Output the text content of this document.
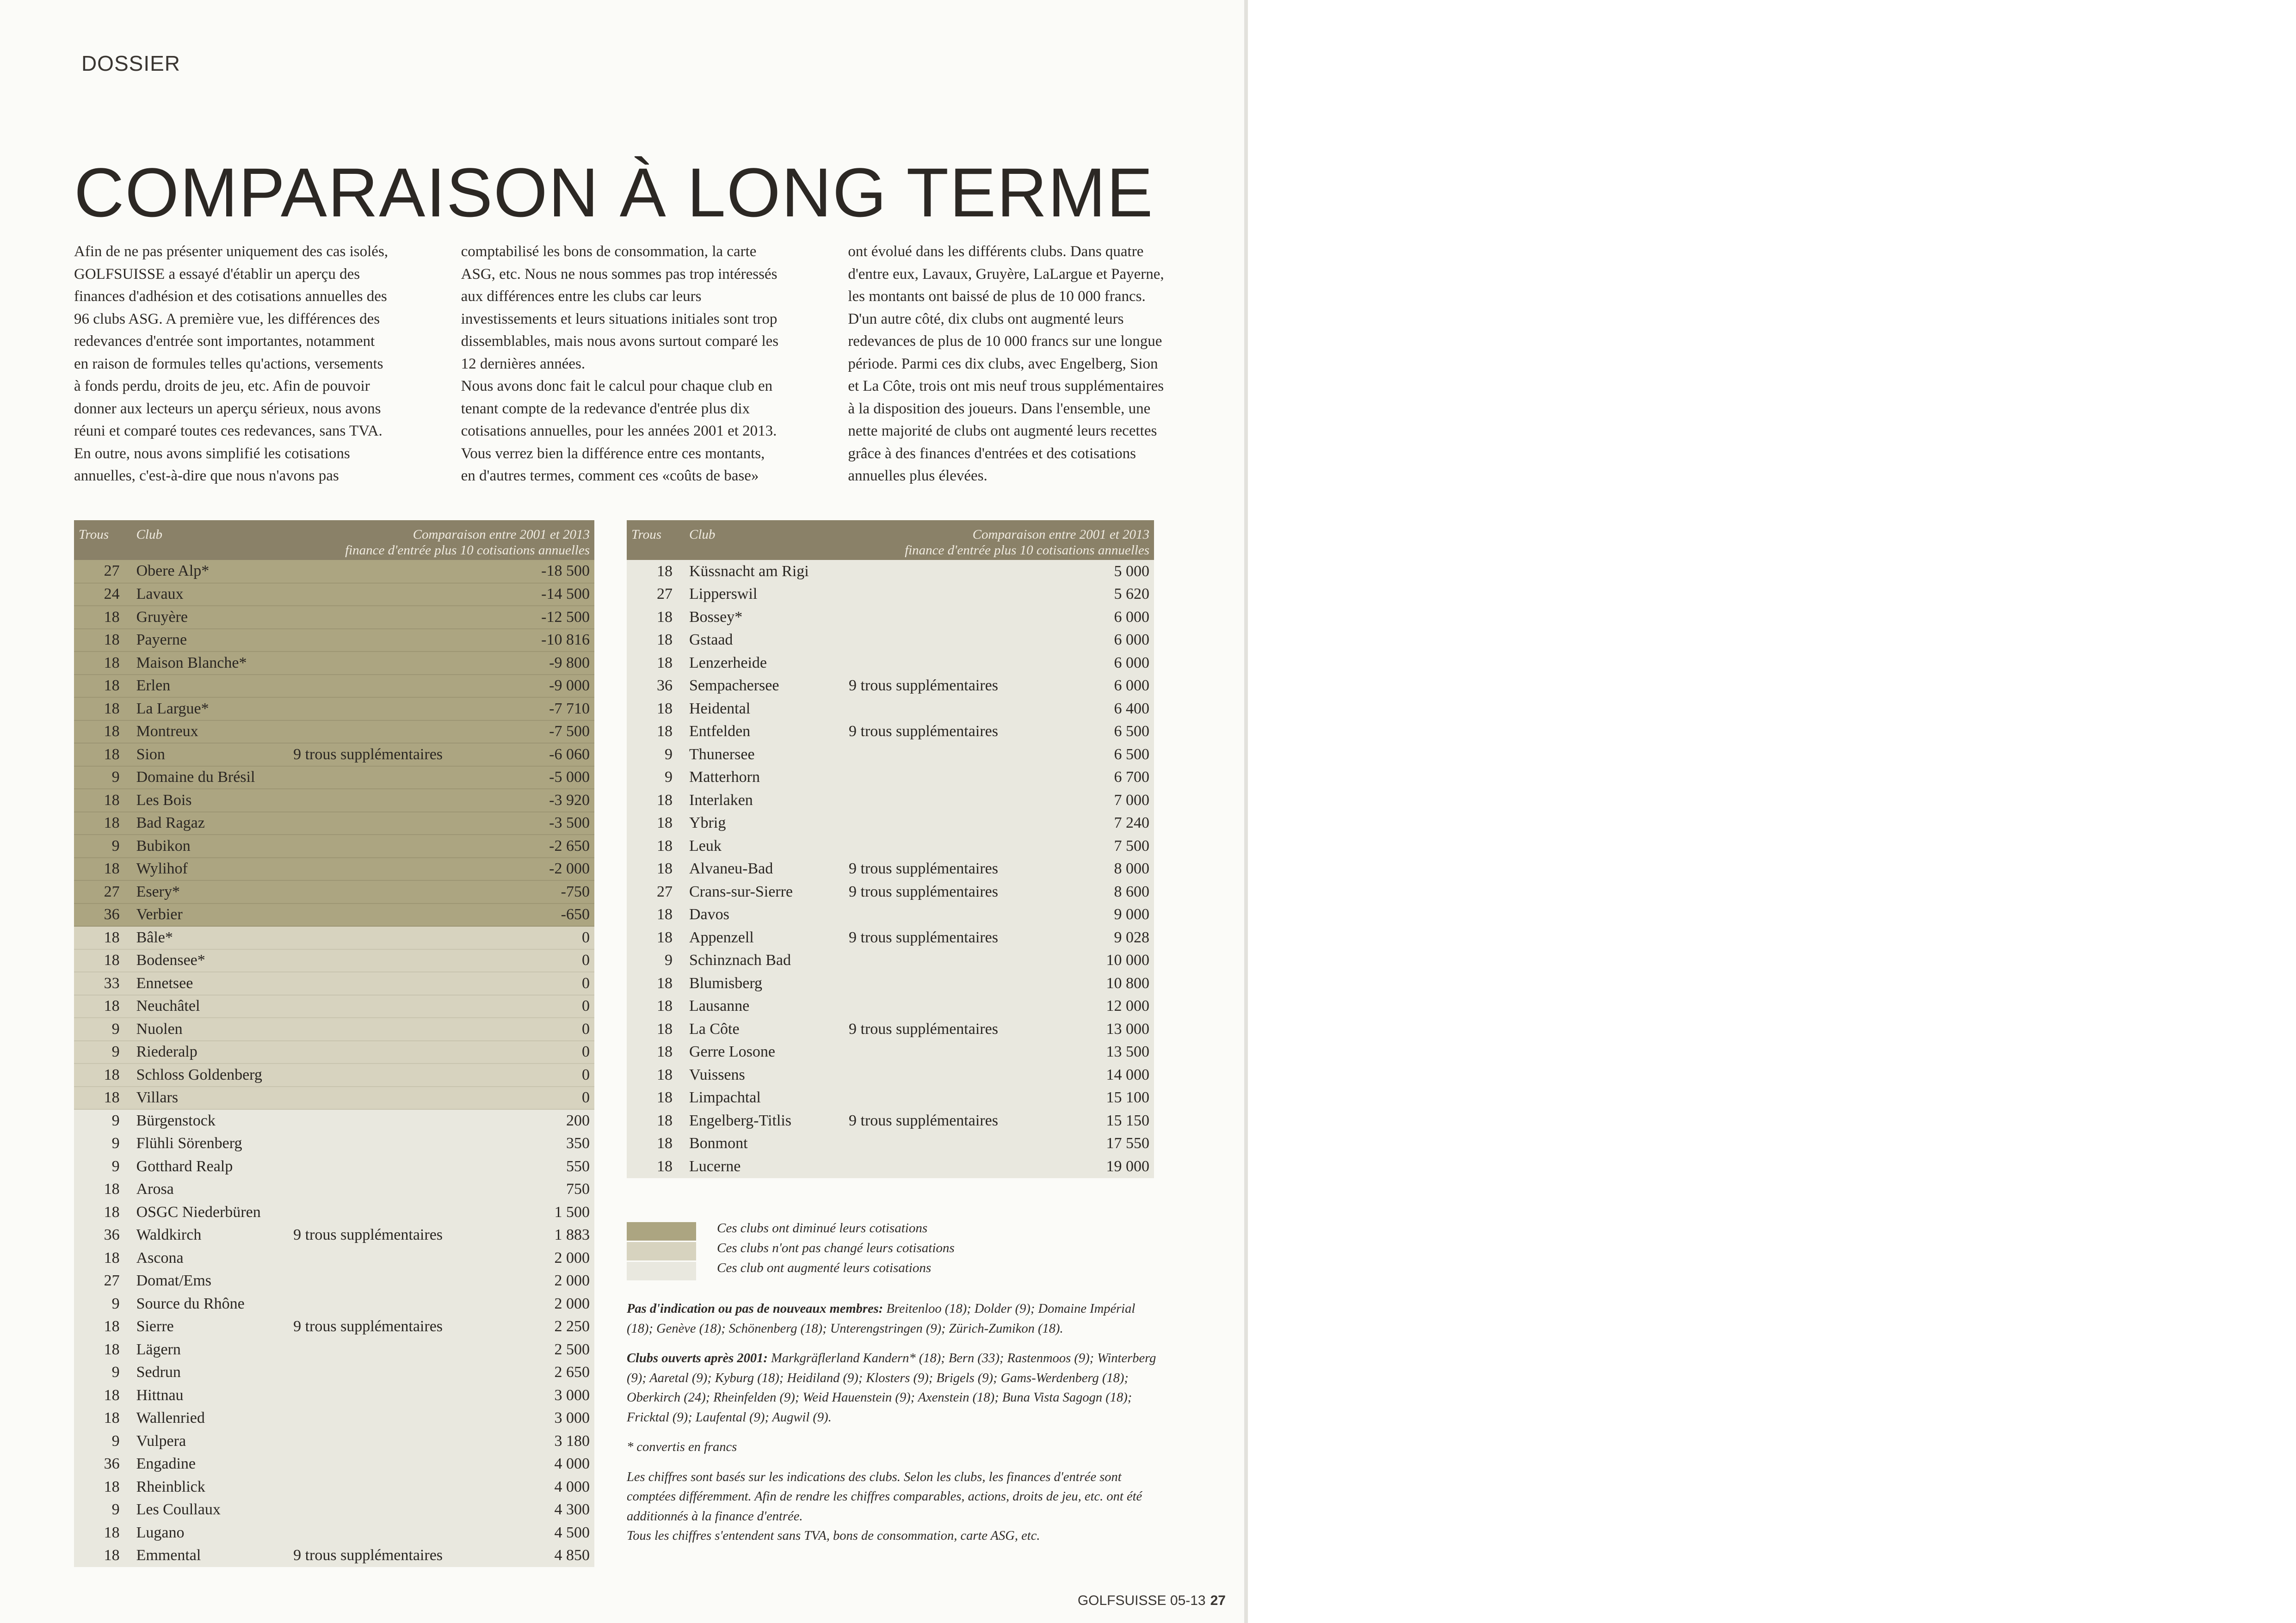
DOSSIER
COMPARAISON À LONG TERME

Afin de ne pas présenter uniquement des cas isolés, GOLFSUISSE a essayé d'établir un aperçu des finances d'adhésion et des cotisations annuelles des 96 clubs ASG. A première vue, les différences des redevances d'entrée sont importantes, notamment en raison de formules telles qu'actions, versements à fonds perdu, droits de jeu, etc. Afin de pouvoir donner aux lecteurs un aperçu sérieux, nous avons réuni et comparé toutes ces redevances, sans TVA. En outre, nous avons simplifié les cotisations annuelles, c'est-à-dire que nous n'avons pas comptabilisé les bons de consommation, la carte ASG, etc. Nous ne nous sommes pas trop intéressés aux différences entre les clubs car leurs investissements et leurs situations initiales sont trop dissemblables, mais nous avons surtout comparé les 12 dernières années.

Nous avons donc fait le calcul pour chaque club en tenant compte de la redevance d'entrée plus dix cotisations annuelles, pour les années 2001 et 2013. Vous verrez bien la différence entre ces montants, en d'autres termes, comment ces «coûts de base» ont évolué dans les différents clubs. Dans quatre d'entre eux, Lavaux, Gruyère, LaLargue et Payerne, les montants ont baissé de plus de 10 000 francs. D'un autre côté, dix clubs ont augmenté leurs redevances de plus de 10 000 francs sur une longue période. Parmi ces dix clubs, avec Engelberg, Sion et La Côte, trois ont mis neuf trous supplémentaires à la disposition des joueurs. Dans l'ensemble, une nette majorité de clubs ont augmenté leurs recettes grâce à des finances d'entrées et des cotisations annuelles plus élevées.

Trous	Club	Comparaison entre 2001 et 2013
finance d'entrée plus 10 cotisations annuelles	

27	Obere Alp*		-18 500
24	Lavaux		-14 500
18	Gruyère		-12 500
18	Payerne		-10 816
18	Maison Blanche*		-9 800
18	Erlen		-9 000
18	La Largue*		-7 710
18	Montreux		-7 500
18	Sion	9 trous supplémentaires	-6 060
9	Domaine du Brésil		-5 000
18	Les Bois		-3 920
18	Bad Ragaz		-3 500
9	Bubikon		-2 650
18	Wylihof		-2 000
27	Esery*		-750
36	Verbier		-650
18	Bâle*		0
18	Bodensee*		0
33	Ennetsee		0
18	Neuchâtel		0
9	Nuolen		0
9	Riederalp		0
18	Schloss Goldenberg		0
18	Villars		0
9	Bürgenstock		200
9	Flühli Sörenberg		350
9	Gotthard Realp		550
18	Arosa		750
18	OSGC Niederbüren		1 500
36	Waldkirch	9 trous supplémentaires	1 883
18	Ascona		2 000
27	Domat/Ems		2 000
9	Source du Rhône		2 000
18	Sierre	9 trous supplémentaires	2 250
18	Lägern		2 500
9	Sedrun		2 650
18	Hittnau		3 000
18	Wallenried		3 000
9	Vulpera		3 180
36	Engadine		4 000
18	Rheinblick		4 000
9	Les Coullaux		4 300
18	Lugano		4 500
18	Emmental	9 trous supplémentaires	4 850
Trous	Club	Comparaison entre 2001 et 2013
finance d'entrée plus 10 cotisations annuelles	

18	Küssnacht am Rigi		5 000
27	Lipperswil		5 620
18	Bossey*		6 000
18	Gstaad		6 000
18	Lenzerheide		6 000
36	Sempachersee	9 trous supplémentaires	6 000
18	Heidental		6 400
18	Entfelden	9 trous supplémentaires	6 500
9	Thunersee		6 500
9	Matterhorn		6 700
18	Interlaken		7 000
18	Ybrig		7 240
18	Leuk		7 500
18	Alvaneu-Bad	9 trous supplémentaires	8 000
27	Crans-sur-Sierre	9 trous supplémentaires	8 600
18	Davos		9 000
18	Appenzell	9 trous supplémentaires	9 028
9	Schinznach Bad		10 000
18	Blumisberg		10 800
18	Lausanne		12 000
18	La Côte	9 trous supplémentaires	13 000
18	Gerre Losone		13 500
18	Vuissens		14 000
18	Limpachtal		15 100
18	Engelberg-Titlis	9 trous supplémentaires	15 150
18	Bonmont		17 550
18	Lucerne		19 000
Ces clubs ont diminué leurs cotisations
Ces clubs n'ont pas changé leurs cotisations
Ces club ont augmenté leurs cotisations

Pas d'indication ou pas de nouveaux membres: Breitenloo (18); Dolder (9); Domaine Impérial (18); Genève (18); Schönenberg (18); Unterengstringen (9); Zürich-Zumikon (18).

Clubs ouverts après 2001: Markgräflerland Kandern* (18); Bern (33); Rastenmoos (9); Winterberg (9); Aaretal (9); Kyburg (18); Heidiland (9); Klosters (9); Brigels (9); Gams-Werdenberg (18); Oberkirch (24); Rheinfelden (9); Weid Hauenstein (9); Axenstein (18); Buna Vista Sagogn (18); Fricktal (9); Laufental (9); Augwil (9).

* convertis en francs

Les chiffres sont basés sur les indications des clubs. Selon les clubs, les finances d'entrée sont comptées différemment. Afin de rendre les chiffres comparables, actions, droits de jeu, etc. ont été additionnés à la finance d'entrée.
Tous les chiffres s'entendent sans TVA, bons de consommation, carte ASG, etc.

GOLFSUISSE 05-13 27
